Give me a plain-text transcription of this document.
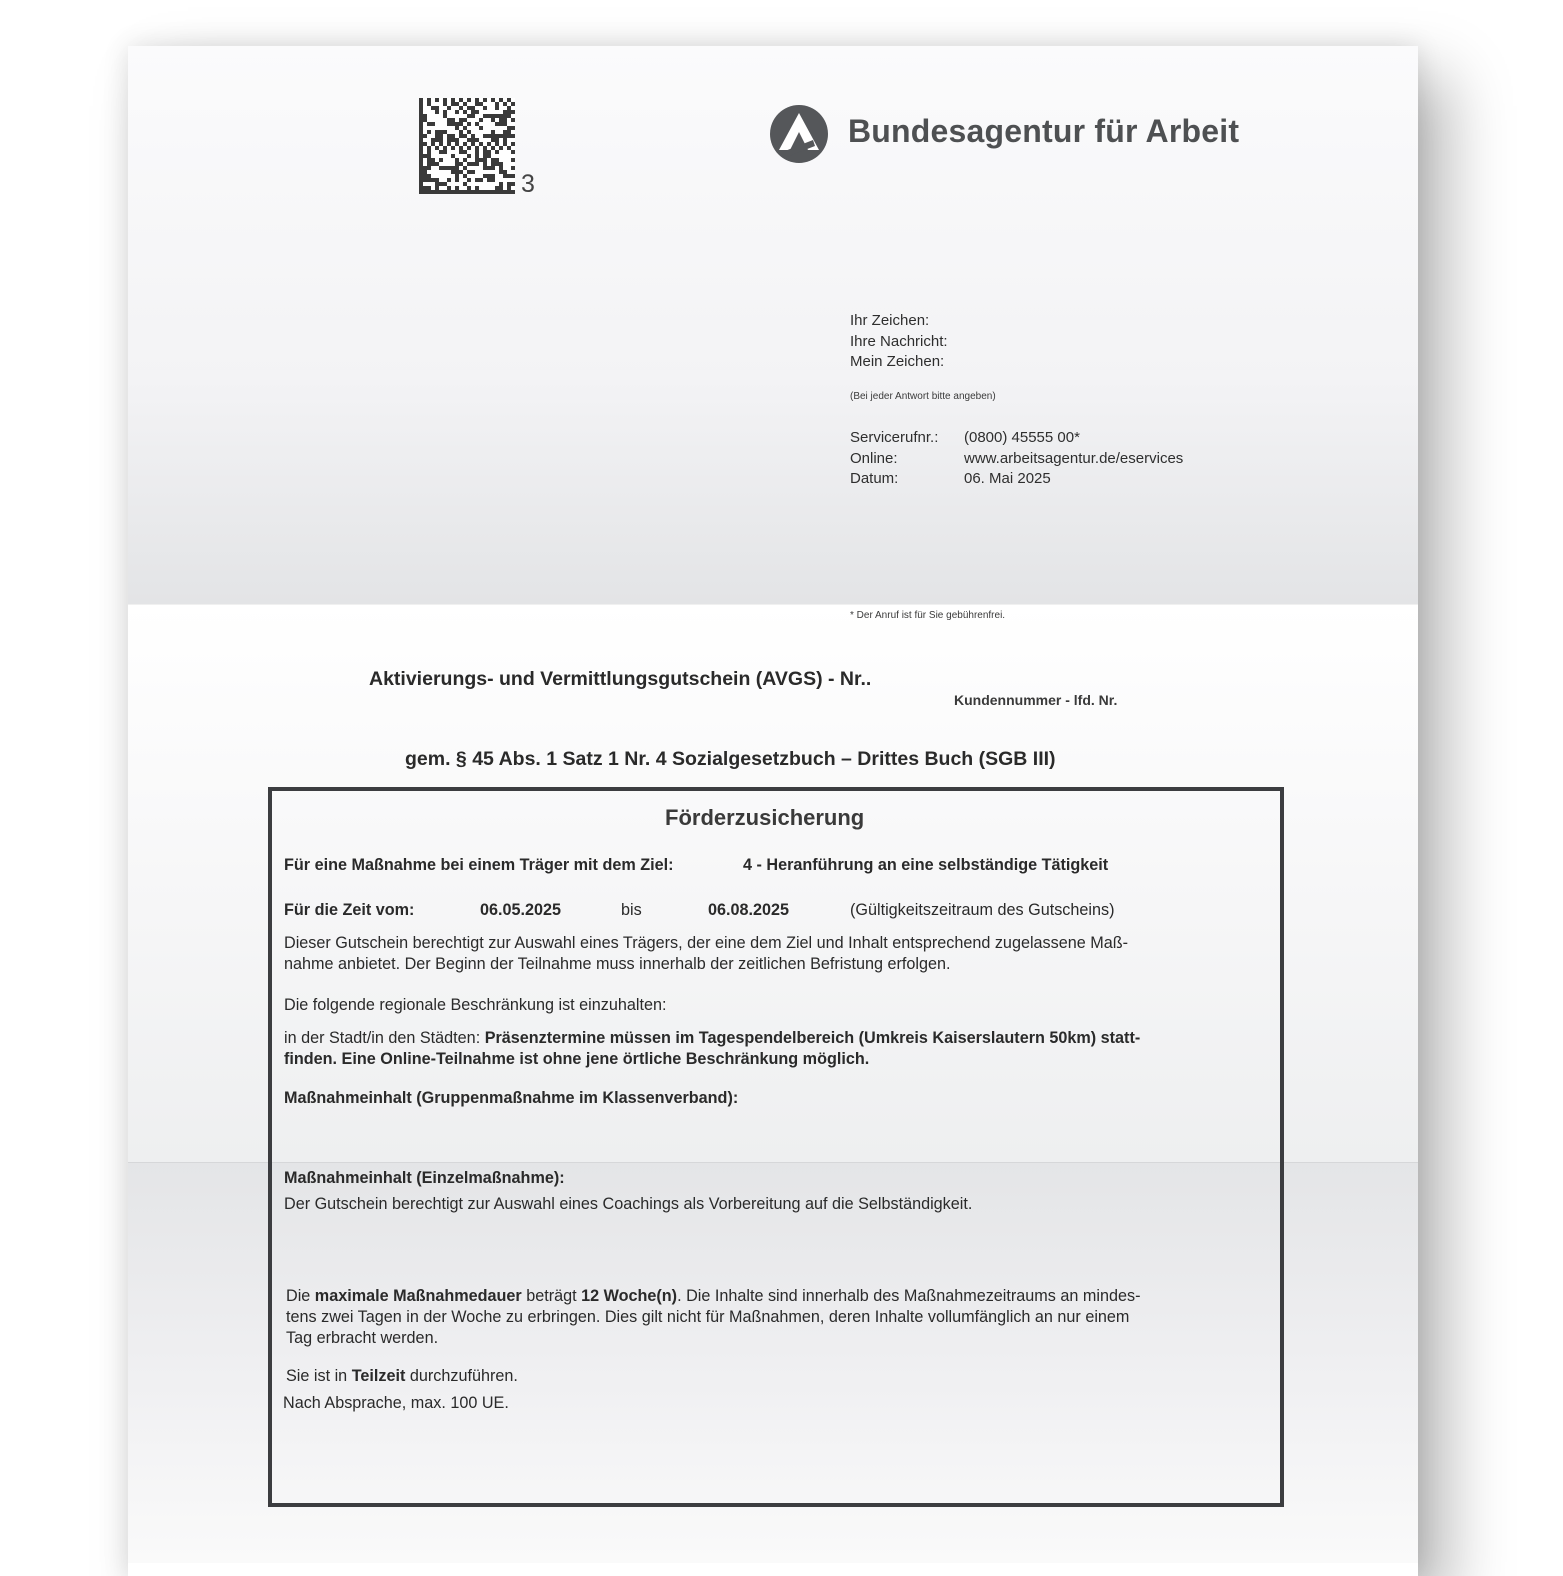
3
Bundesagentur für Arbeit
Ihr Zeichen:
Ihre Nachricht:
Mein Zeichen:
(Bei jeder Antwort bitte angeben)
Servicerufnr.:	(0800) 45555 00*
Online:	www.arbeitsagentur.de/eservices
Datum:	06. Mai 2025
* Der Anruf ist für Sie gebührenfrei.
Aktivierungs- und Vermittlungsgutschein (AVGS) - Nr..
Kundennummer - lfd. Nr.
gem. § 45 Abs. 1 Satz 1 Nr. 4 Sozialgesetzbuch – Drittes Buch (SGB III)
Förderzusicherung
Für eine Maßnahme bei einem Träger mit dem Ziel:	4 - Heranführung an eine selbständige Tätigkeit
Für die Zeit vom:	06.05.2025	bis	06.08.2025	(Gültigkeitszeitraum des Gutscheins)
Dieser Gutschein berechtigt zur Auswahl eines Trägers, der eine dem Ziel und Inhalt entsprechend zugelassene Maß-
nahme anbietet. Der Beginn der Teilnahme muss innerhalb der zeitlichen Befristung erfolgen.
Die folgende regionale Beschränkung ist einzuhalten:
in der Stadt/in den Städten: Präsenztermine müssen im Tagespendelbereich (Umkreis Kaiserslautern 50km) statt-
finden. Eine Online-Teilnahme ist ohne jene örtliche Beschränkung möglich.
Maßnahmeinhalt (Gruppenmaßnahme im Klassenverband):
Maßnahmeinhalt (Einzelmaßnahme):
Der Gutschein berechtigt zur Auswahl eines Coachings als Vorbereitung auf die Selbständigkeit.
Die maximale Maßnahmedauer beträgt 12 Woche(n). Die Inhalte sind innerhalb des Maßnahmezeitraums an mindes-
tens zwei Tagen in der Woche zu erbringen. Dies gilt nicht für Maßnahmen, deren Inhalte vollumfänglich an nur einem
Tag erbracht werden.
Sie ist in Teilzeit durchzuführen.
Nach Absprache, max. 100 UE.
